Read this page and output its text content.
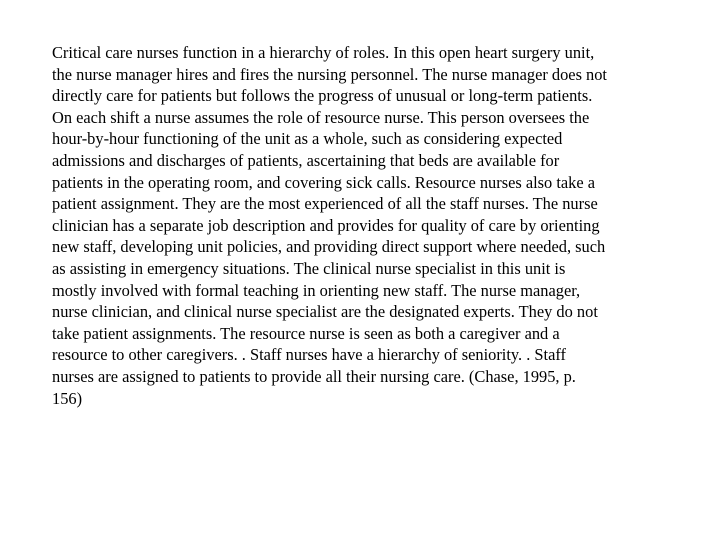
Critical care nurses function in a hierarchy of roles. In this open heart surgery unit,
the nurse manager hires and fires the nursing personnel. The nurse manager does not
directly care for patients but follows the progress of unusual or long-term patients.
On each shift a nurse assumes the role of resource nurse. This person oversees the
hour-by-hour functioning of the unit as a whole, such as considering expected
admissions and discharges of patients, ascertaining that beds are available for
patients in the operating room, and covering sick calls. Resource nurses also take a
patient assignment. They are the most experienced of all the staff nurses. The nurse
clinician has a separate job description and provides for quality of care by orienting
new staff, developing unit policies, and providing direct support where needed, such
as assisting in emergency situations. The clinical nurse specialist in this unit is
mostly involved with formal teaching in orienting new staff. The nurse manager,
nurse clinician, and clinical nurse specialist are the designated experts. They do not
take patient assignments. The resource nurse is seen as both a caregiver and a
resource to other caregivers. . Staff nurses have a hierarchy of seniority. . Staff
nurses are assigned to patients to provide all their nursing care. (Chase, 1995, p.
156)
